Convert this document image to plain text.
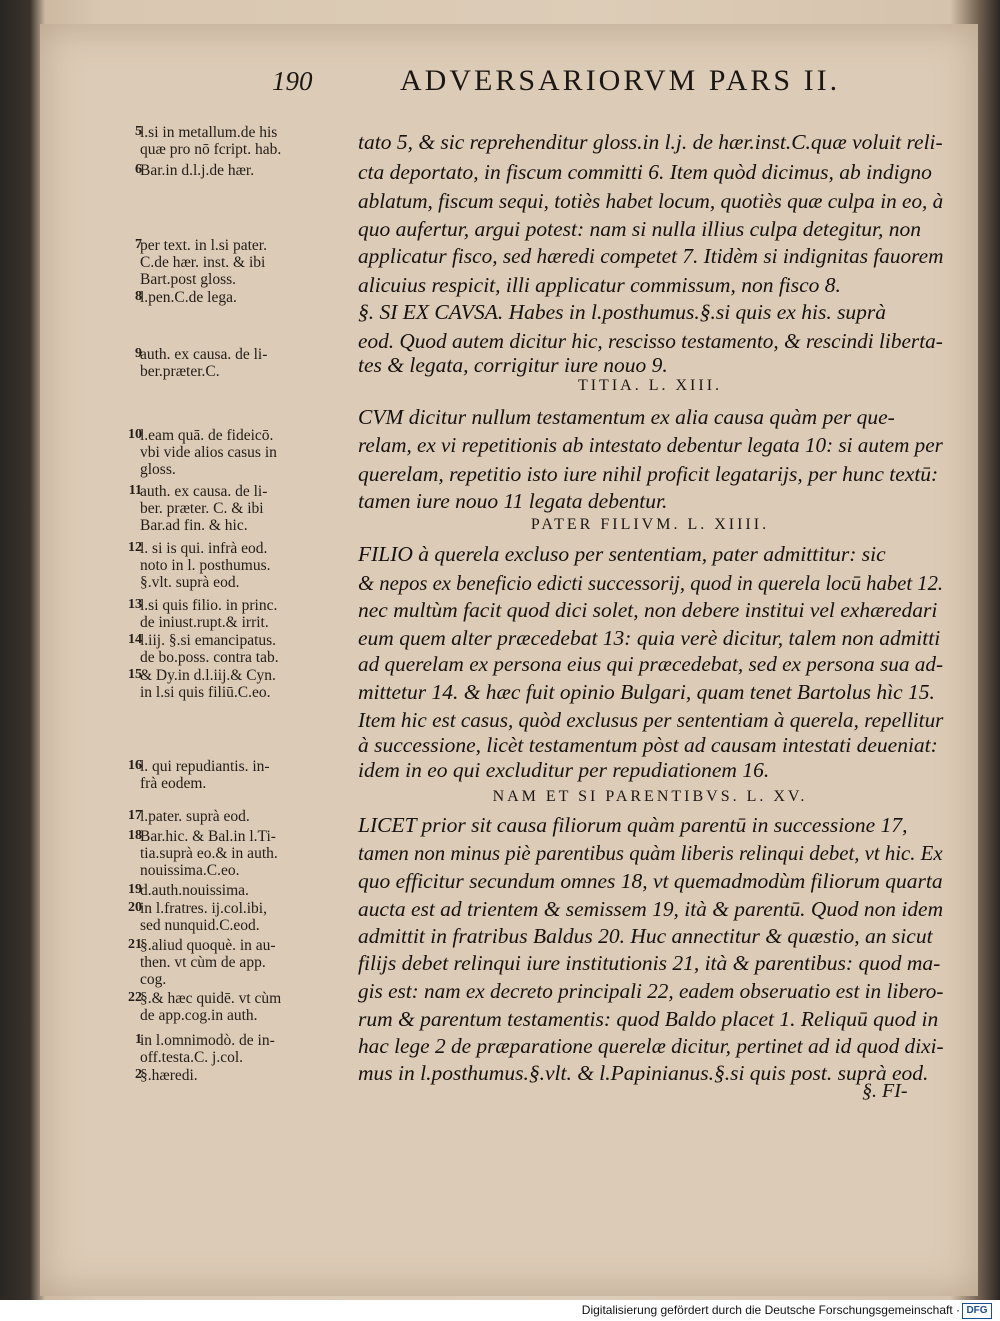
190	ADVERSARIORVM PARS II.
5
l.si in metallum.de his
quæ pro nō fcript. hab.
6
Bar.in d.l.j.de hær.
7
per text. in l.si pater.
C.de hær. inst. & ibi
Bart.post gloss.
8
l.pen.C.de lega.
9
auth. ex causa. de li-
ber.præter.C.
10
l.eam quā. de fideicō.
vbi vide alios casus in
gloss.
11
auth. ex causa. de li-
ber. præter. C. & ibi
Bar.ad fin. & hic.
12
l. si is qui. infrà eod.
noto in l. posthumus.
§.vlt. suprà eod.
13
l.si quis filio. in princ.
de iniust.rupt.& irrit.
14
l.iij. §.si emancipatus.
de bo.poss. contra tab.
15
& Dy.in d.l.iij.& Cyn.
in l.si quis filiū.C.eo.
16
l. qui repudiantis. in-
frà eodem.
17
l.pater. suprà eod.
18
Bar.hic. & Bal.in l.Ti-
tia.suprà eo.& in auth.
nouissima.C.eo.
19
d.auth.nouissima.
20
in l.fratres. ij.col.ibi,
sed nunquid.C.eod.
21
§.aliud quoquè. in au-
then. vt cùm de app.
cog.
22
§.& hæc quidē. vt cùm
de app.cog.in auth.
1
in l.omnimodò. de in-
off.testa.C. j.col.
2
§.hæredi.
tato 5, & sic reprehenditur gloss.in l.j. de hær.inst.C.quæ voluit reli-
cta deportato, in fiscum committi 6. Item quòd dicimus, ab indigno
ablatum, fiscum sequi, totiès habet locum, quotiès quæ culpa in eo, à
quo aufertur, argui potest: nam si nulla illius culpa detegitur, non
applicatur fisco, sed hæredi competet 7. Itidèm si indignitas fauorem
alicuius respicit, illi applicatur commissum, non fisco 8.
§. SI EX CAVSA. Habes in l.posthumus.§.si quis ex his. suprà
eod. Quod autem dicitur hic, rescisso testamento, & rescindi liberta-
tes & legata, corrigitur iure nouo 9.
CVM dicitur nullum testamentum ex alia causa quàm per que-
relam, ex vi repetitionis ab intestato debentur legata 10: si autem per
querelam, repetitio isto iure nihil proficit legatarijs, per hunc textū:
tamen iure nouo 11 legata debentur.
FILIO à querela excluso per sententiam, pater admittitur: sic
& nepos ex beneficio edicti successorij, quod in querela locū habet 12.
nec multùm facit quod dici solet, non debere institui vel exhæredari
eum quem alter præcedebat 13: quia verè dicitur, talem non admitti
ad querelam ex persona eius qui præcedebat, sed ex persona sua ad-
mittetur 14. & hæc fuit opinio Bulgari, quam tenet Bartolus hìc 15.
Item hic est casus, quòd exclusus per sententiam à querela, repellitur
à successione, licèt testamentum pòst ad causam intestati deueniat:
idem in eo qui excluditur per repudiationem 16.
LICET prior sit causa filiorum quàm parentū in successione 17,
tamen non minus piè parentibus quàm liberis relinqui debet, vt hic. Ex
quo efficitur secundum omnes 18, vt quemadmodùm filiorum quarta
aucta est ad trientem & semissem 19, ità & parentū. Quod non idem
admittit in fratribus Baldus 20. Huc annectitur & quæstio, an sicut
filijs debet relinqui iure institutionis 21, ità & parentibus: quod ma-
gis est: nam ex decreto principali 22, eadem obseruatio est in libero-
rum & parentum testamentis: quod Baldo placet 1. Reliquū quod in
hac lege 2 de præparatione querelæ dicitur, pertinet ad id quod dixi-
mus in l.posthumus.§.vlt. & l.Papinianus.§.si quis post. suprà eod.
TITIA. L. XIII.
PATER FILIVM. L. XIIII.
NAM ET SI PARENTIBVS. L. XV.
§. FI-
Digitalisierung gefördert durch die Deutsche Forschungsgemeinschaft · DFG
